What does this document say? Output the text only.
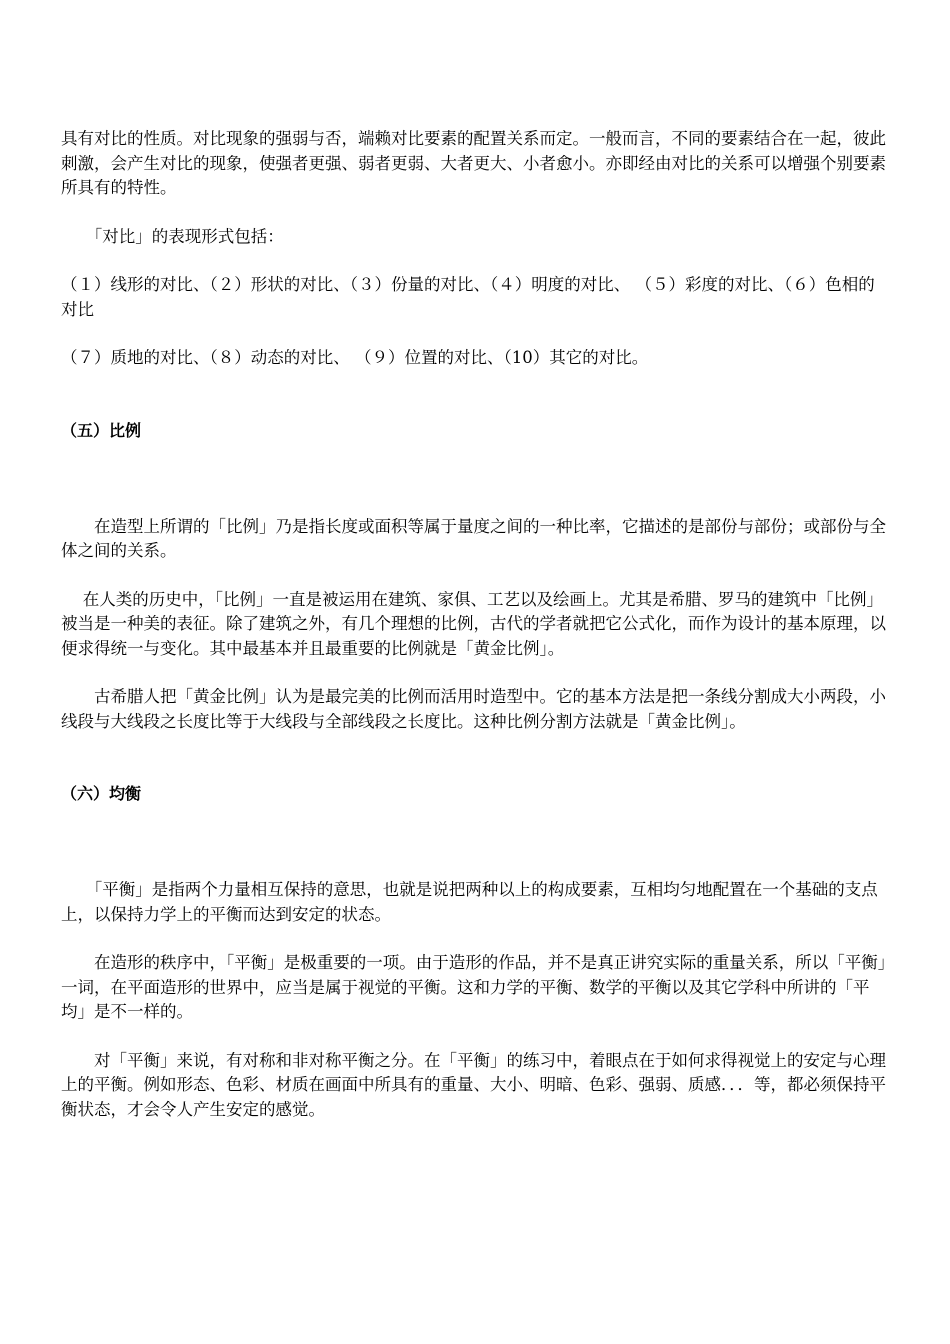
具有对比的性质。对比现象的强弱与否，端赖对比要素的配置关系而定。一般而言，不同的要素结合在一起，彼此刺激，会产生对比的现象，使强者更强、弱者更弱、大者更大、小者愈小。亦即经由对比的关系可以增强个别要素所具有的特性。

　　「对比」的表现形式包括：

（１）线形的对比、（２）形状的对比、（３）份量的对比、（４）明度的对比、 （５）彩度的对比、（６）色相的对比

（７）质地的对比、（８）动态的对比、 （９）位置的对比、（10）其它的对比。

（五）比例

　　在造型上所谓的「比例」乃是指长度或面积等属于量度之间的一种比率，它描述的是部份与部份；或部份与全体之间的关系。

　 在人类的历史中，「比例」一直是被运用在建筑、家俱、工艺以及绘画上。尤其是希腊、罗马的建筑中「比例」被当是一种美的表征。除了建筑之外，有几个理想的比例，古代的学者就把它公式化，而作为设计的基本原理，以便求得统一与变化。其中最基本并且最重要的比例就是「黄金比例」。

　　古希腊人把「黄金比例」认为是最完美的比例而活用时造型中。它的基本方法是把一条线分割成大小两段，小线段与大线段之长度比等于大线段与全部线段之长度比。这种比例分割方法就是「黄金比例」。

（六）均衡

　　「平衡」是指两个力量相互保持的意思，也就是说把两种以上的构成要素，互相均匀地配置在一个基础的支点上，以保持力学上的平衡而达到安定的状态。

　　在造形的秩序中，「平衡」是极重要的一项。由于造形的作品，并不是真正讲究实际的重量关系，所以「平衡」一词，在平面造形的世界中，应当是属于视觉的平衡。这和力学的平衡、数学的平衡以及其它学科中所讲的「平均」是不一样的。

　　对「平衡」来说，有对称和非对称平衡之分。在「平衡」的练习中，着眼点在于如何求得视觉上的安定与心理上的平衡。例如形态、色彩、材质在画面中所具有的重量、大小、明暗、色彩、强弱、质感．．．等，都必须保持平衡状态，才会令人产生安定的感觉。
